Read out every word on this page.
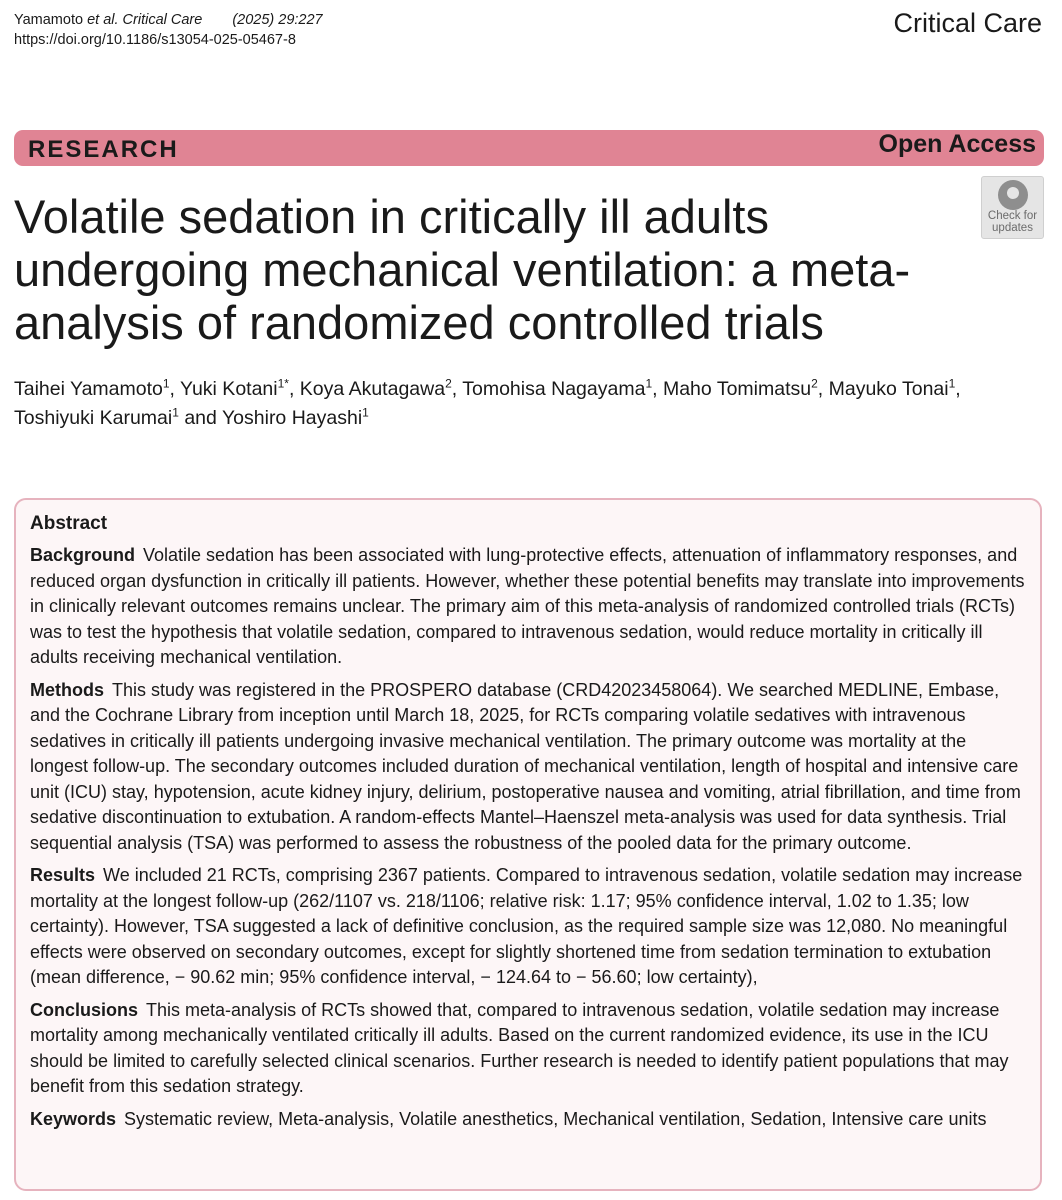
Yamamoto et al. Critical Care (2025) 29:227
https://doi.org/10.1186/s13054-025-05467-8
Critical Care
RESEARCH	Open Access
Check for
updates
Volatile sedation in critically ill adults undergoing mechanical ventilation: a meta-analysis of randomized controlled trials
Taihei Yamamoto$^1$, Yuki Kotani$^{1*}$, Koya Akutagawa$^2$, Tomohisa Nagayama$^1$, Maho Tomimatsu$^2$, Mayuko Tonai$^1$, Toshiyuki Karumai$^1$ and Yoshiro Hayashi$^1$
Abstract

Background Volatile sedation has been associated with lung-protective effects, attenuation of inflammatory responses, and reduced organ dysfunction in critically ill patients. However, whether these potential benefits may translate into improvements in clinically relevant outcomes remains unclear. The primary aim of this meta-analysis of randomized controlled trials (RCTs) was to test the hypothesis that volatile sedation, compared to intravenous sedation, would reduce mortality in critically ill adults receiving mechanical ventilation.

Methods This study was registered in the PROSPERO database (CRD42023458064). We searched MEDLINE, Embase, and the Cochrane Library from inception until March 18, 2025, for RCTs comparing volatile sedatives with intravenous sedatives in critically ill patients undergoing invasive mechanical ventilation. The primary outcome was mortality at the longest follow-up. The secondary outcomes included duration of mechanical ventilation, length of hospital and intensive care unit (ICU) stay, hypotension, acute kidney injury, delirium, postoperative nausea and vomiting, atrial fibrillation, and time from sedative discontinuation to extubation. A random-effects Mantel–Haenszel meta-analysis was used for data synthesis. Trial sequential analysis (TSA) was performed to assess the robustness of the pooled data for the primary outcome.

Results We included 21 RCTs, comprising 2367 patients. Compared to intravenous sedation, volatile sedation may increase mortality at the longest follow-up (262/1107 vs. 218/1106; relative risk: 1.17; 95% confidence interval, 1.02 to 1.35; low certainty). However, TSA suggested a lack of definitive conclusion, as the required sample size was 12,080. No meaningful effects were observed on secondary outcomes, except for slightly shortened time from sedation termination to extubation (mean difference, − 90.62 min; 95% confidence interval, − 124.64 to − 56.60; low certainty),

Conclusions This meta-analysis of RCTs showed that, compared to intravenous sedation, volatile sedation may increase mortality among mechanically ventilated critically ill adults. Based on the current randomized evidence, its use in the ICU should be limited to carefully selected clinical scenarios. Further research is needed to identify patient populations that may benefit from this sedation strategy.

Keywords Systematic review, Meta-analysis, Volatile anesthetics, Mechanical ventilation, Sedation, Intensive care units
